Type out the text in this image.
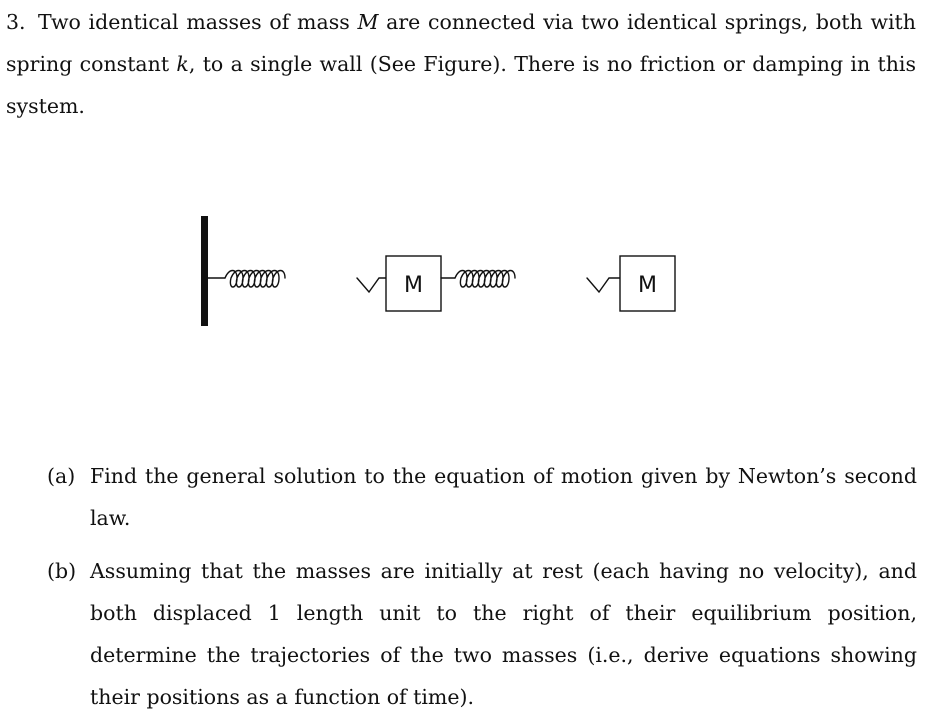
3. Two identical masses of mass M are connected via two identical springs, both with spring constant k, to a single wall (See Figure). There is no friction or damping in this system.
M	M
(a) Find the general solution to the equation of motion given by Newton’s second law.
(b) Assuming that the masses are initially at rest (each having no velocity), and both displaced 1 length unit to the right of their equilibrium position, determine the trajectories of the two masses (i.e., derive equations showing their positions as a function of time).
